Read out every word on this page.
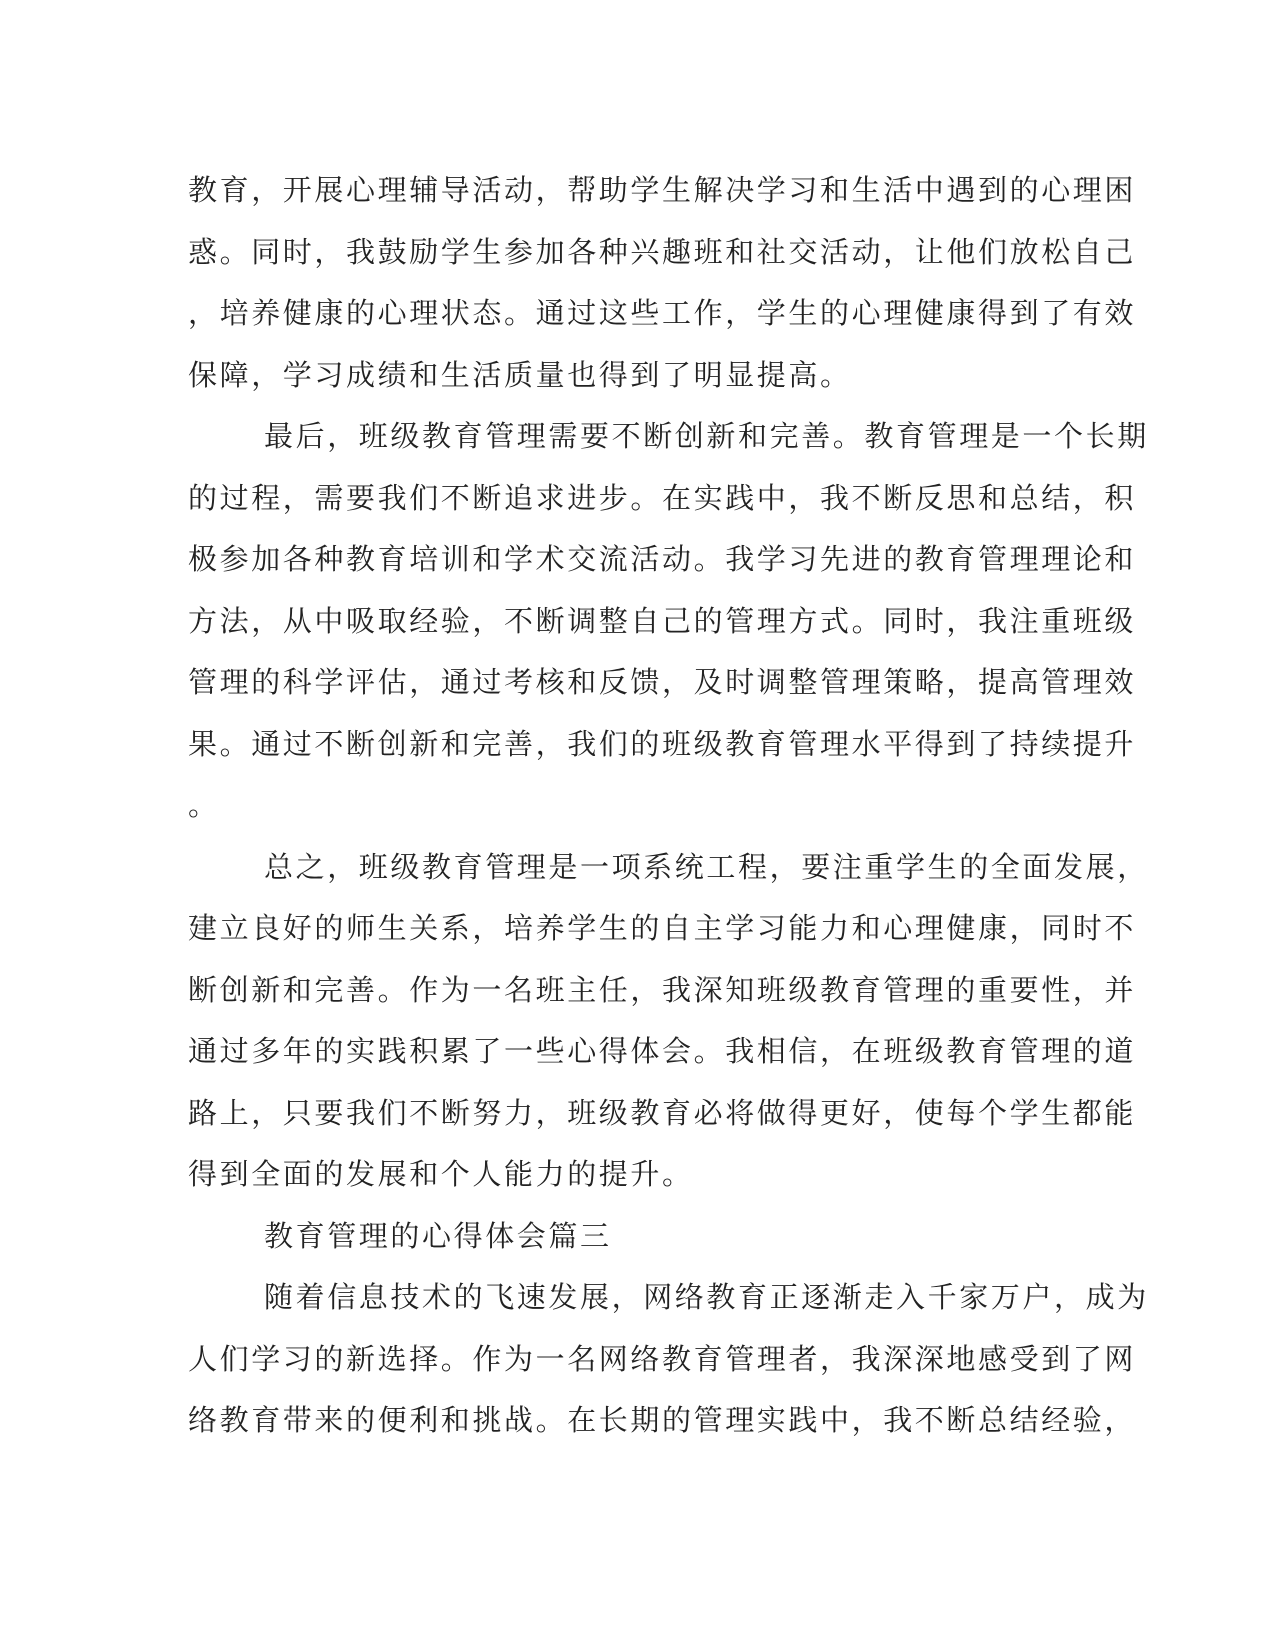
教育，开展心理辅导活动，帮助学生解决学习和生活中遇到的心理困
惑。同时，我鼓励学生参加各种兴趣班和社交活动，让他们放松自己
，培养健康的心理状态。通过这些工作，学生的心理健康得到了有效
保障，学习成绩和生活质量也得到了明显提高。
最后，班级教育管理需要不断创新和完善。教育管理是一个长期
的过程，需要我们不断追求进步。在实践中，我不断反思和总结，积
极参加各种教育培训和学术交流活动。我学习先进的教育管理理论和
方法，从中吸取经验，不断调整自己的管理方式。同时，我注重班级
管理的科学评估，通过考核和反馈，及时调整管理策略，提高管理效
果。通过不断创新和完善，我们的班级教育管理水平得到了持续提升
。
总之，班级教育管理是一项系统工程，要注重学生的全面发展，
建立良好的师生关系，培养学生的自主学习能力和心理健康，同时不
断创新和完善。作为一名班主任，我深知班级教育管理的重要性，并
通过多年的实践积累了一些心得体会。我相信，在班级教育管理的道
路上，只要我们不断努力，班级教育必将做得更好，使每个学生都能
得到全面的发展和个人能力的提升。
教育管理的心得体会篇三
随着信息技术的飞速发展，网络教育正逐渐走入千家万户，成为
人们学习的新选择。作为一名网络教育管理者，我深深地感受到了网
络教育带来的便利和挑战。在长期的管理实践中，我不断总结经验，
